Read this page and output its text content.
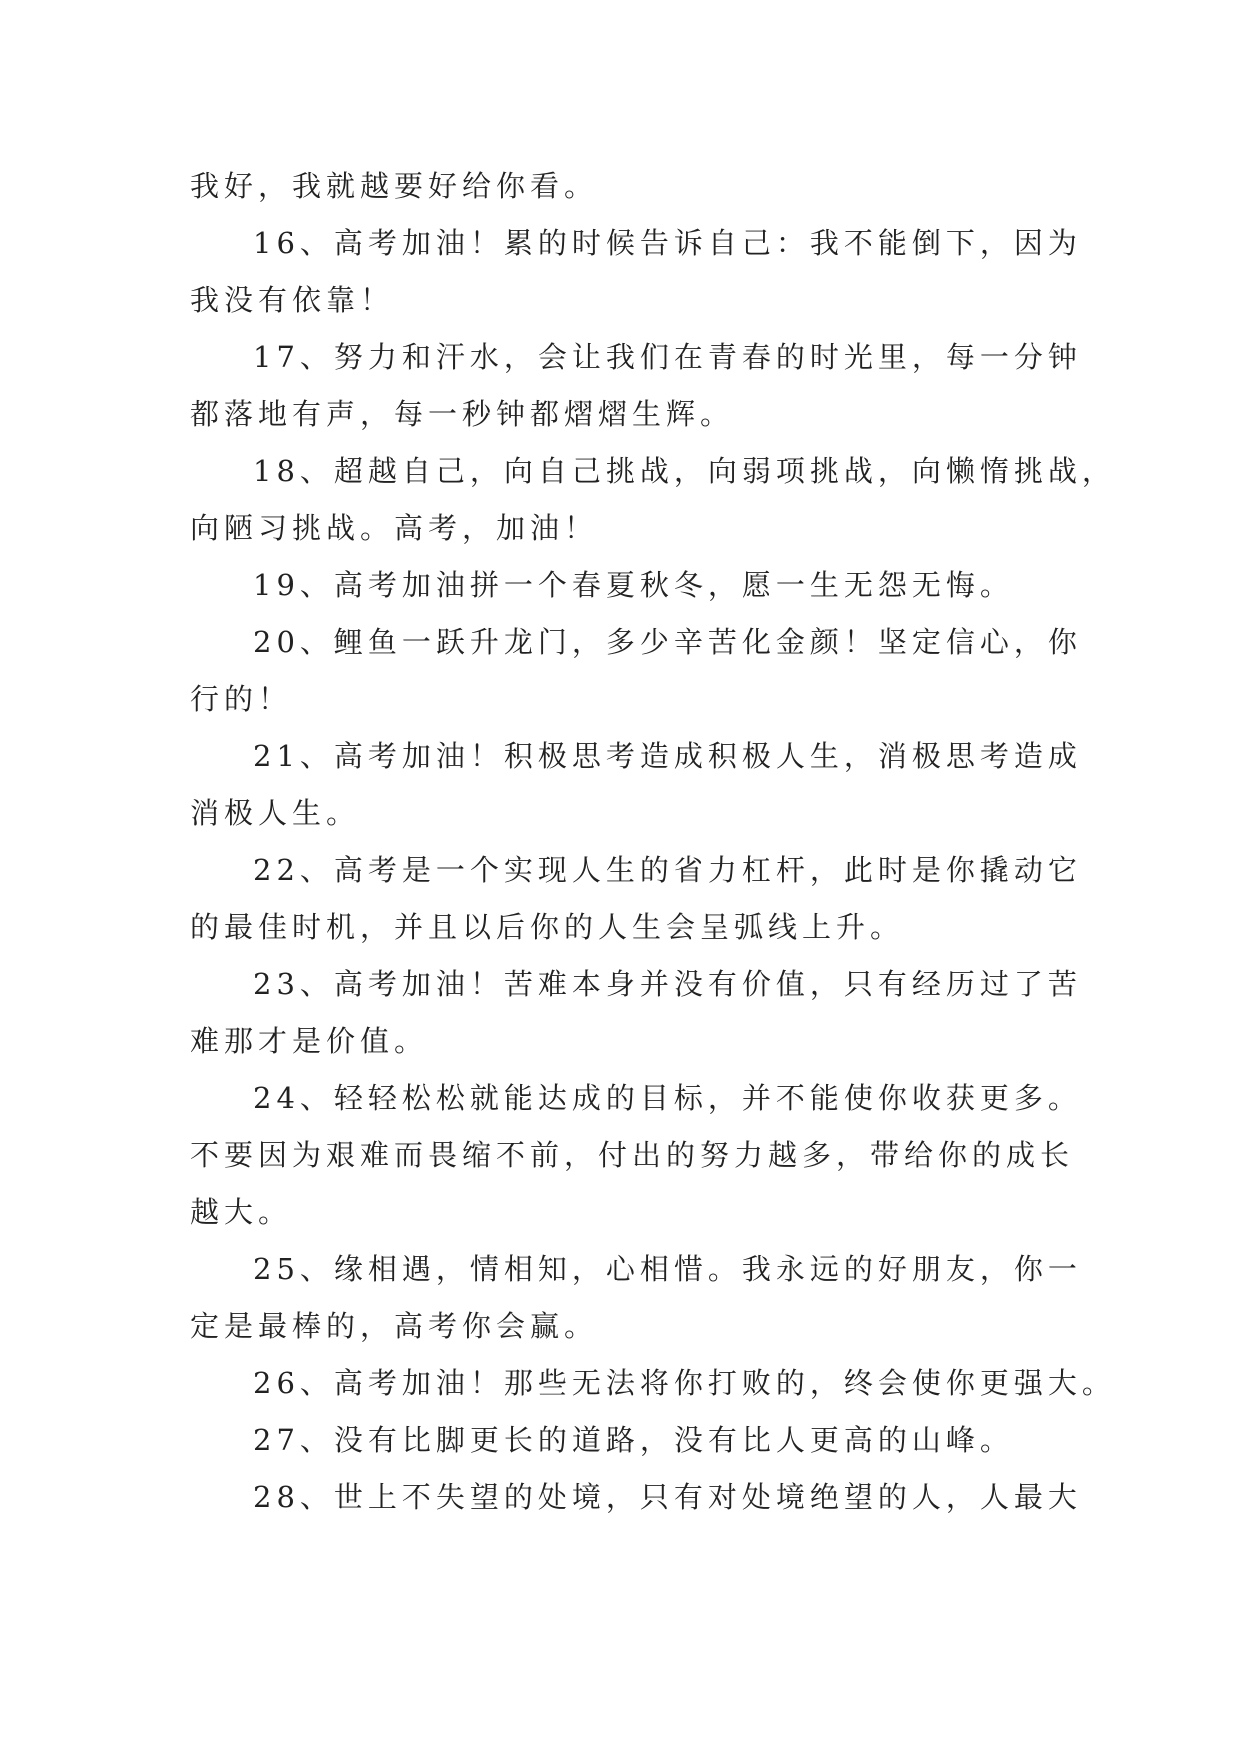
我好，我就越要好给你看。
16、高考加油！累的时候告诉自己：我不能倒下，因为
我没有依靠！
17、努力和汗水，会让我们在青春的时光里，每一分钟
都落地有声，每一秒钟都熠熠生辉。
18、超越自己，向自己挑战，向弱项挑战，向懒惰挑战，
向陋习挑战。高考，加油！
19、高考加油拼一个春夏秋冬，愿一生无怨无悔。
20、鲤鱼一跃升龙门，多少辛苦化金颜！坚定信心，你
行的！
21、高考加油！积极思考造成积极人生，消极思考造成
消极人生。
22、高考是一个实现人生的省力杠杆，此时是你撬动它
的最佳时机，并且以后你的人生会呈弧线上升。
23、高考加油！苦难本身并没有价值，只有经历过了苦
难那才是价值。
24、轻轻松松就能达成的目标，并不能使你收获更多。
不要因为艰难而畏缩不前，付出的努力越多，带给你的成长
越大。
25、缘相遇，情相知，心相惜。我永远的好朋友，你一
定是最棒的，高考你会赢。
26、高考加油！那些无法将你打败的，终会使你更强大。
27、没有比脚更长的道路，没有比人更高的山峰。
28、世上不失望的处境，只有对处境绝望的人，人最大
